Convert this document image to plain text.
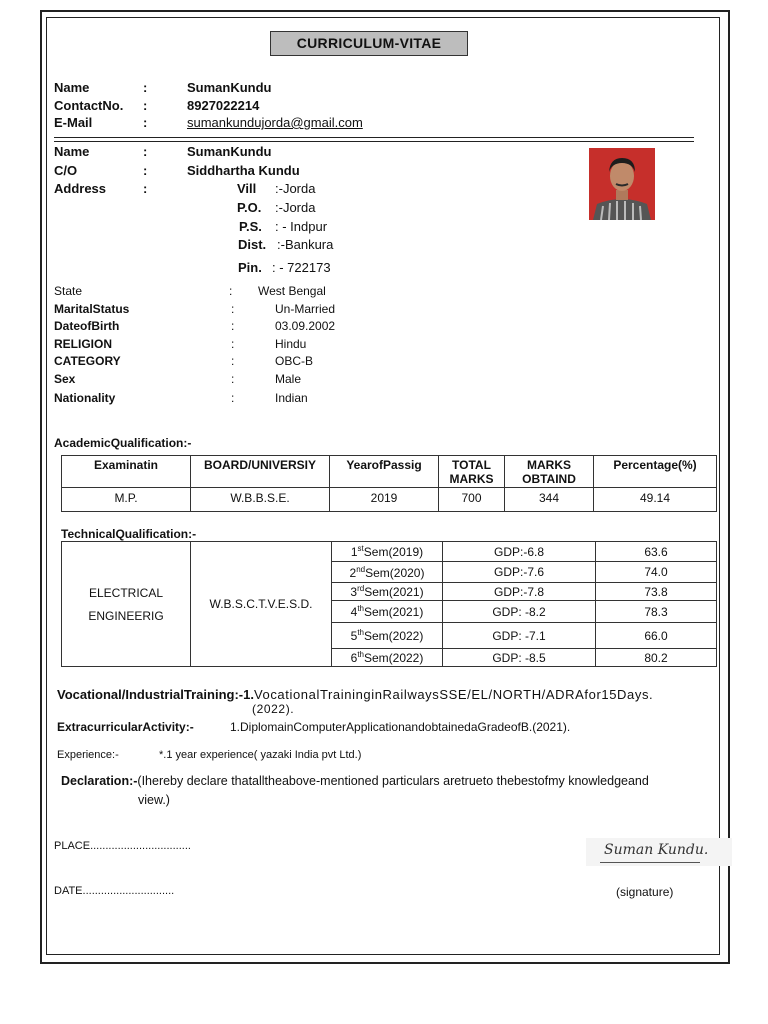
CURRICULUM-VITAE
Name	:	SumanKundu
ContactNo. :	8927022214
E-Mail	:	sumankundujorda@gmail.com
Name	:	SumanKundu
C/O	:	Siddhartha Kundu
Address	:	Vill :-Jorda
P.O. :-Jorda
P.S. : - Indpur
Dist. :-Bankura
Pin. : - 722173
State	: West Bengal
MaritalStatus	:	Un-Married
DateofBirth	:	03.09.2002
RELIGION	:	Hindu
CATEGORY	:	OBC-B
Sex	:	Male
Nationality	:	Indian
AcademicQualification:-
Examinatin	BOARD/UNIVERSIY	YearofPassig	TOTAL MARKS	MARKS OBTAIND	Percentage(%)
M.P.	W.B.B.S.E.	2019	700	344	49.14
TechnicalQualification:-
ELECTRICAL
ENGINEERIG	W.B.S.C.T.V.E.S.D.	1stSem(2019)	GDP:-6.8	63.6
		2ndSem(2020)	GDP:-7.6	74.0
		3rdSem(2021)	GDP:-7.8	73.8
		4thSem(2021)	GDP: -8.2	78.3
		5thSem(2022)	GDP: -7.1	66.0
		6thSem(2022)	GDP: -8.5	80.2
Vocational/IndustrialTraining:-1.VocationalTraininginRailwaysSSE/EL/NORTH/ADRAfor15Days.
(2022).
ExtracurricularActivity:-	1.DiplomainComputerApplicationandobtainedaGradeofB.(2021).
Experience:-	*.1 year experience( yazaki India pvt Ltd.)
Declaration:-(Ihereby declare thatalltheabove-mentioned particulars aretrueto thebestofmy knowledgeand
view.)
PLACE.................................
DATE..............................
Suman Kundu.
(signature)
